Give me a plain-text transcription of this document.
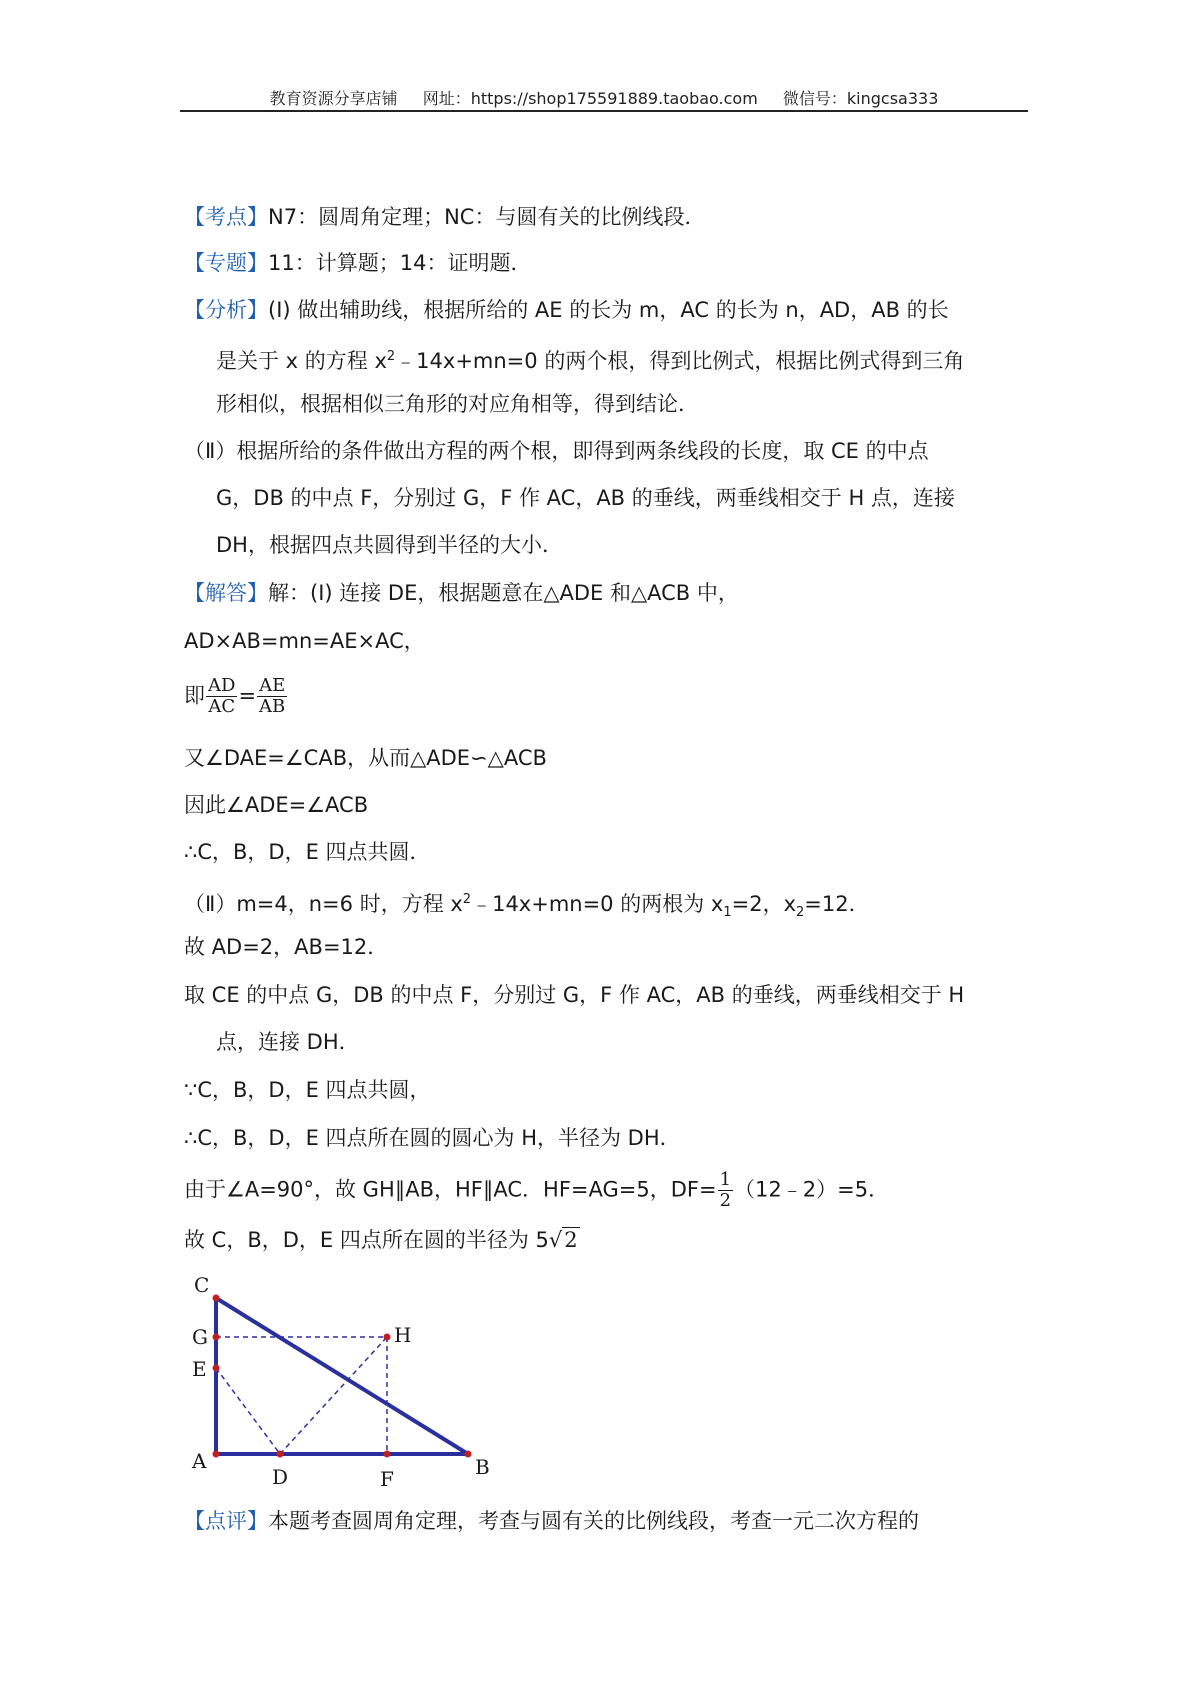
教育资源分享店铺 网址：https://shop175591889.taobao.com 微信号：kingcsa333
【考点】N7：圆周角定理；NC：与圆有关的比例线段．
【专题】11：计算题；14：证明题．
【分析】(Ⅰ) 做出辅助线，根据所给的 AE 的长为 m，AC 的长为 n，AD，AB 的长
是关于 x 的方程 $x^2﹣14x+mn=0$ 的两个根，得到比例式，根据比例式得到三角
形相似，根据相似三角形的对应角相等，得到结论．
（Ⅱ）根据所给的条件做出方程的两个根，即得到两条线段的长度，取 CE 的中点
G，DB 的中点 F，分别过 G，F 作 AC，AB 的垂线，两垂线相交于 H 点，连接
DH，根据四点共圆得到半径的大小．
【解答】解：(Ⅰ) 连接 DE，根据题意在△ADE 和△ACB 中，
AD×AB=mn=AE×AC，
即 $\frac{AD}{AC} = \frac{AE}{AB}$
又∠DAE=∠CAB，从而△ADE∽△ACB
因此∠ADE=∠ACB
∴C，B，D，E 四点共圆．
（Ⅱ）m=4，n=6 时，方程 $x^2﹣14x+mn=0$ 的两根为 $x_1=2$，$x_2=12$．
故 AD=2，AB=12．
取 CE 的中点 G，DB 的中点 F，分别过 G，F 作 AC，AB 的垂线，两垂线相交于 H
点，连接 DH．
∵C，B，D，E 四点共圆，
∴C，B，D，E 四点所在圆的圆心为 H，半径为 DH．
由于∠A=90°，故 GH∥AB，HF∥AC．HF=AG=5，$DF= \frac{1}{2}$ （12﹣2）=5．
故 C，B，D，E 四点所在圆的半径为 5√2
C
G
E
H
A
D	F	B
【点评】本题考查圆周角定理，考查与圆有关的比例线段，考查一元二次方程的
